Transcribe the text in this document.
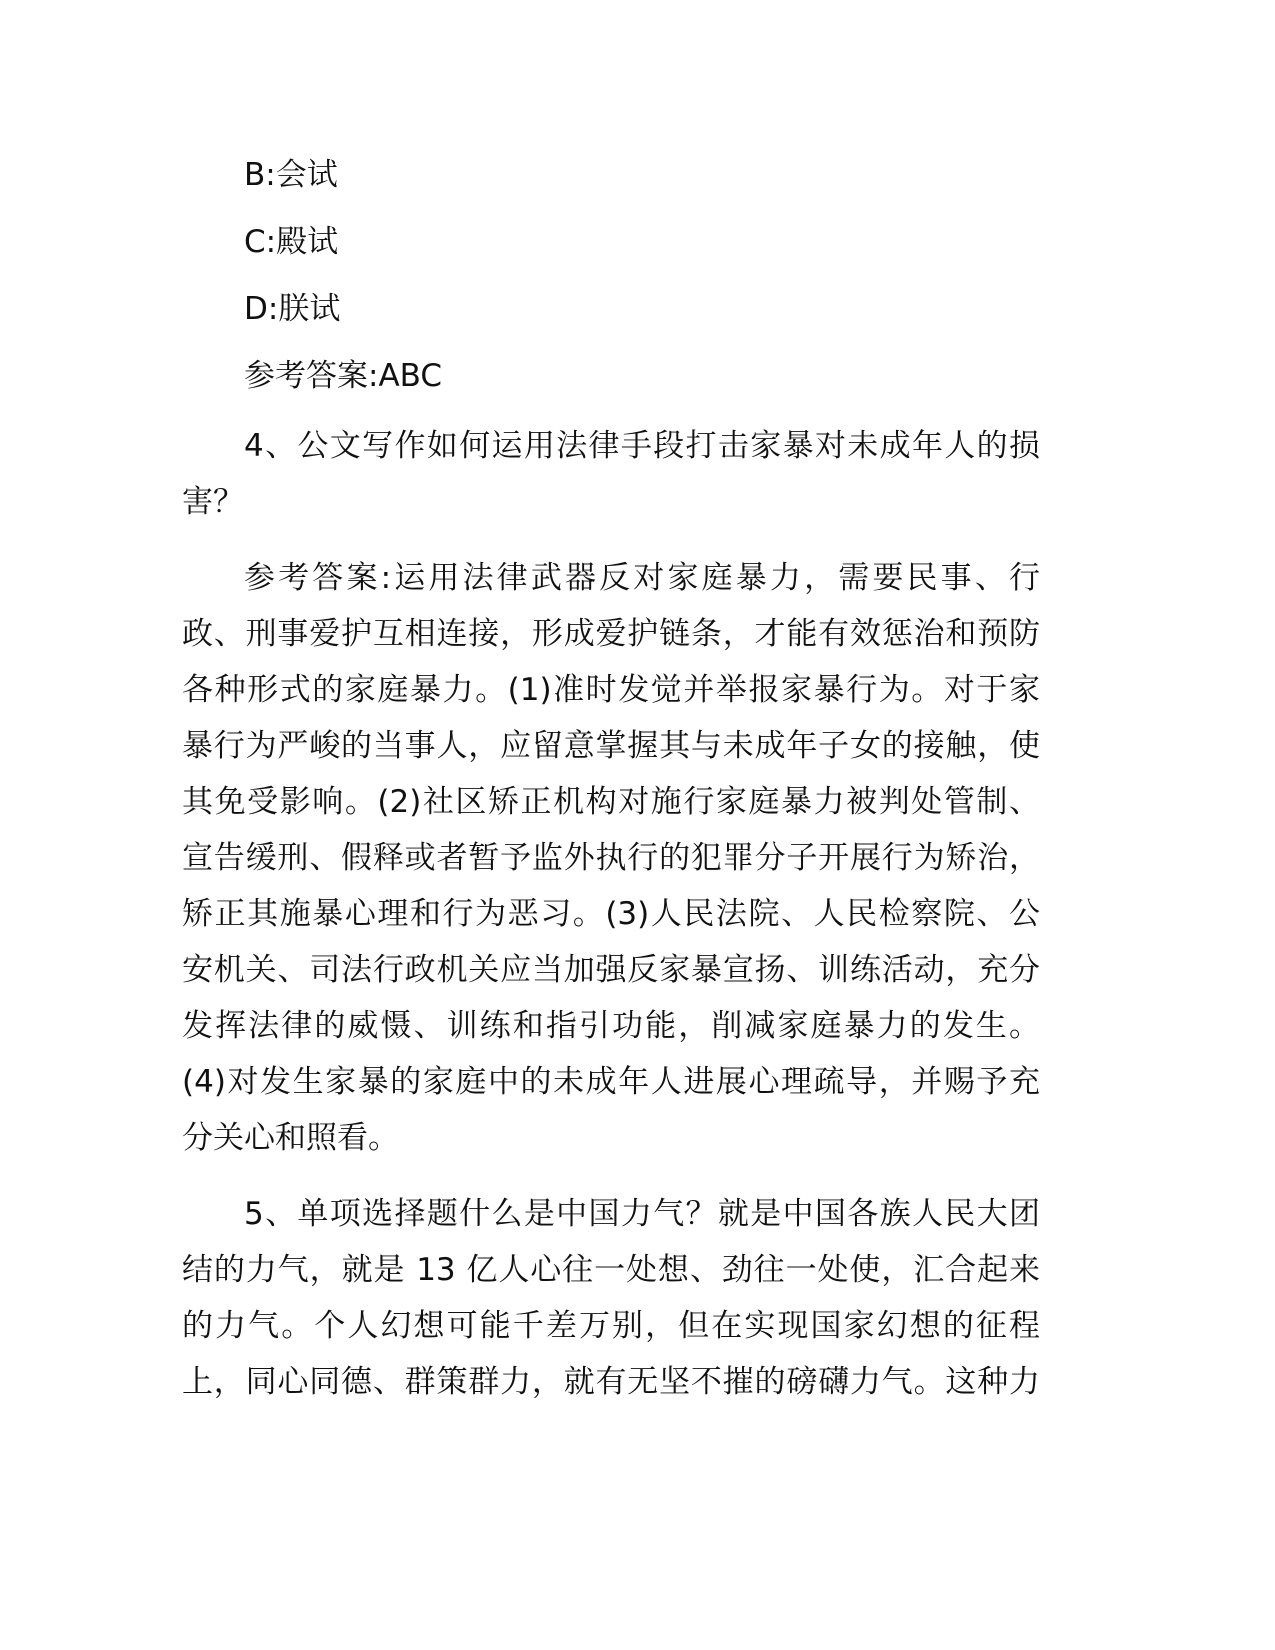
B:会试
C:殿试
D:朕试
参考答案:ABC
4、公文写作如何运用法律手段打击家暴对未成年人的损
害？
参考答案:运用法律武器反对家庭暴力，需要民事、行
政、刑事爱护互相连接，形成爱护链条，才能有效惩治和预防
各种形式的家庭暴力。(1)准时发觉并举报家暴行为。对于家
暴行为严峻的当事人，应留意掌握其与未成年子女的接触，使
其免受影响。(2)社区矫正机构对施行家庭暴力被判处管制、
宣告缓刑、假释或者暂予监外执行的犯罪分子开展行为矫治，
矫正其施暴心理和行为恶习。(3)人民法院、人民检察院、公
安机关、司法行政机关应当加强反家暴宣扬、训练活动，充分
发挥法律的威慑、训练和指引功能，削减家庭暴力的发生。
(4)对发生家暴的家庭中的未成年人进展心理疏导，并赐予充
分关心和照看。
5、单项选择题什么是中国力气？就是中国各族人民大团
结的力气，就是 13 亿人心往一处想、劲往一处使，汇合起来
的力气。个人幻想可能千差万别，但在实现国家幻想的征程
上，同心同德、群策群力，就有无坚不摧的磅礴力气。这种力
